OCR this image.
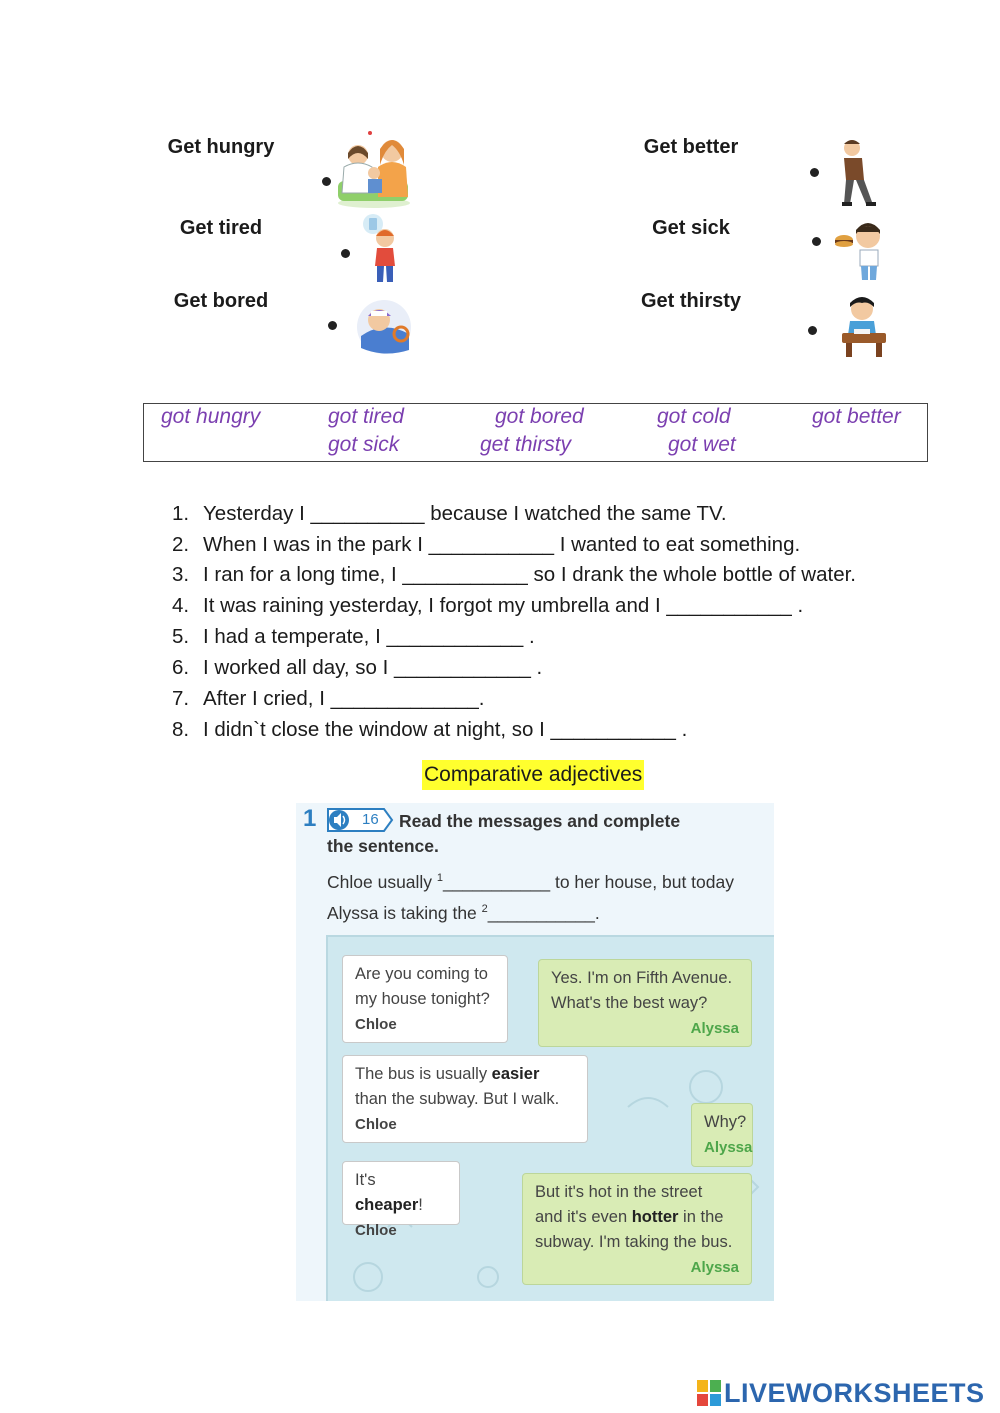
Get hungry
Get tired
Get bored
Get better
Get sick
Get thirsty
got hungry	got tired	got bored	got cold	got better
got sick	get thirsty	got wet
1. Yesterday I __________ because I watched the same TV.
2. When I was in the park I ___________ I wanted to eat something.
3. I ran for a long time, I ___________ so I drank the whole bottle of water.
4. It was raining yesterday, I forgot my umbrella and I ___________ .
5. I had a temperate, I ____________ .
6. I worked all day, so I ____________ .
7. After I cried, I _____________.
8. I didn`t close the window at night, so I ___________ .
Comparative adjectives
1	16 Read the messages and complete
the sentence.
Chloe usually $^1$___________ to her house, but today
Alyssa is taking the $^2$___________.
Are you coming to
my house tonight?
Chloe
Yes. I'm on Fifth Avenue.
What's the best way?
Alyssa
The bus is usually easier
than the subway. But I walk.
Chloe	Why?
Alyssa
It's cheaper!
Chloe
But it's hot in the street
and it's even hotter in the
subway. I'm taking the bus.
Alyssa
LIVEWORKSHEETS
